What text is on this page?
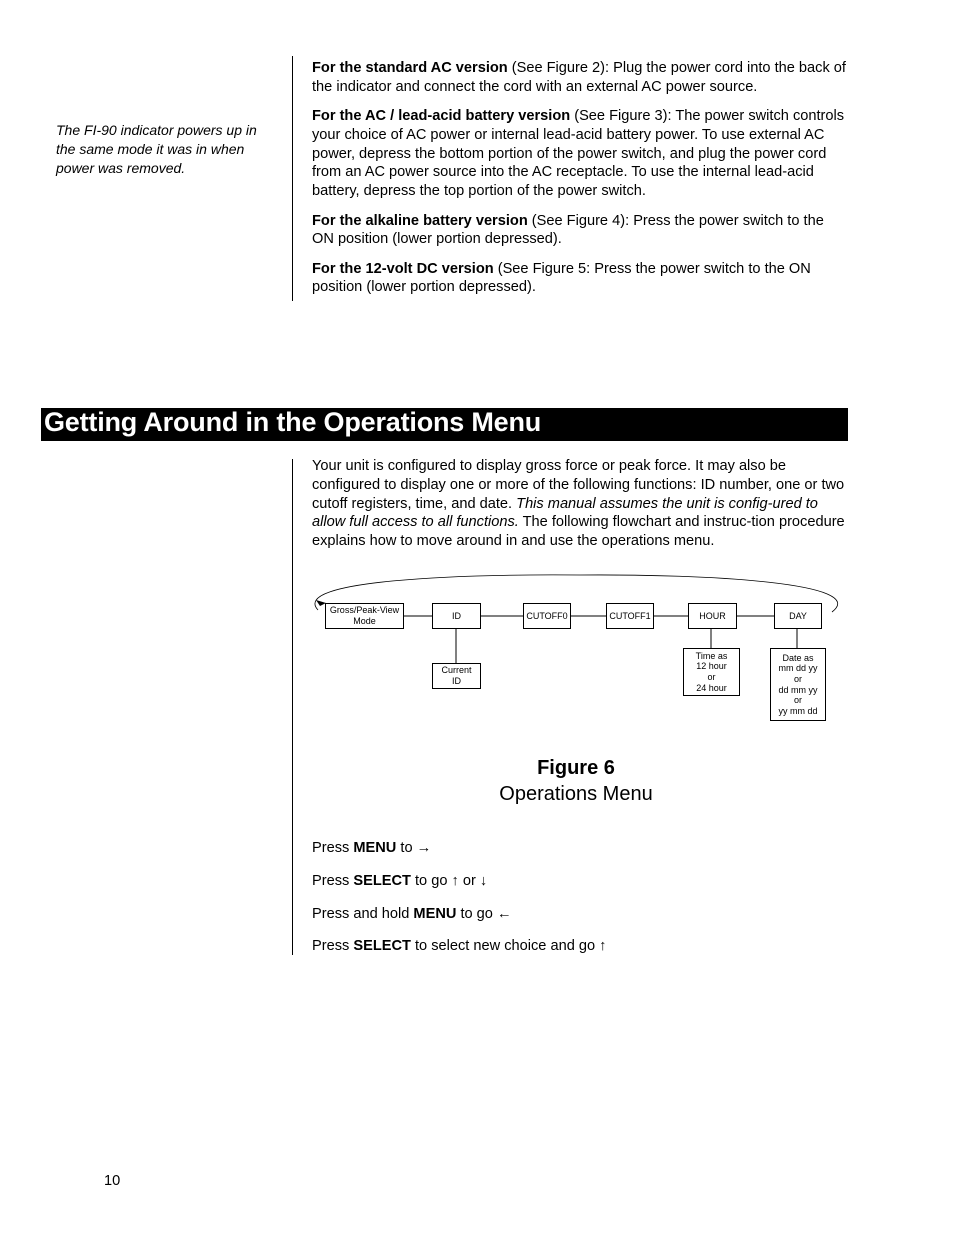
The FI-90 indicator powers up in the same mode it was in when power was removed.

For the standard AC version (See Figure 2): Plug the power cord into the back of the indicator and connect the cord with an external AC power source.

For the AC / lead-acid battery version (See Figure 3): The power switch controls your choice of AC power or internal lead-acid battery power. To use external AC power, depress the bottom portion of the power switch, and plug the power cord from an AC power source into the AC receptacle. To use the internal lead-acid battery, depress the top portion of the power switch.

For the alkaline battery version (See Figure 4): Press the power switch to the ON position (lower portion depressed).

For the 12-volt DC version (See Figure 5: Press the power switch to the ON position (lower portion depressed).

Getting Around in the Operations Menu
Your unit is configured to display gross force or peak force. It may also be configured to display one or more of the following functions: ID number, one or two cutoff registers, time, and date. This manual assumes the unit is config-ured to allow full access to all functions. The following flowchart and instruc-tion procedure explains how to move around in and use the operations menu.
Gross/Peak-View
Mode
ID	CUTOFF0	CUTOFF1	HOUR	DAY
Current
ID
Time as
12 hour
or
24 hour
Date as
mm dd yy
or
dd mm yy
or
yy mm dd
Figure 6
Operations Menu
Press MENU to →
Press SELECT to go ↑ or ↓
Press and hold MENU to go ←
Press SELECT to select new choice and go ↑
10
